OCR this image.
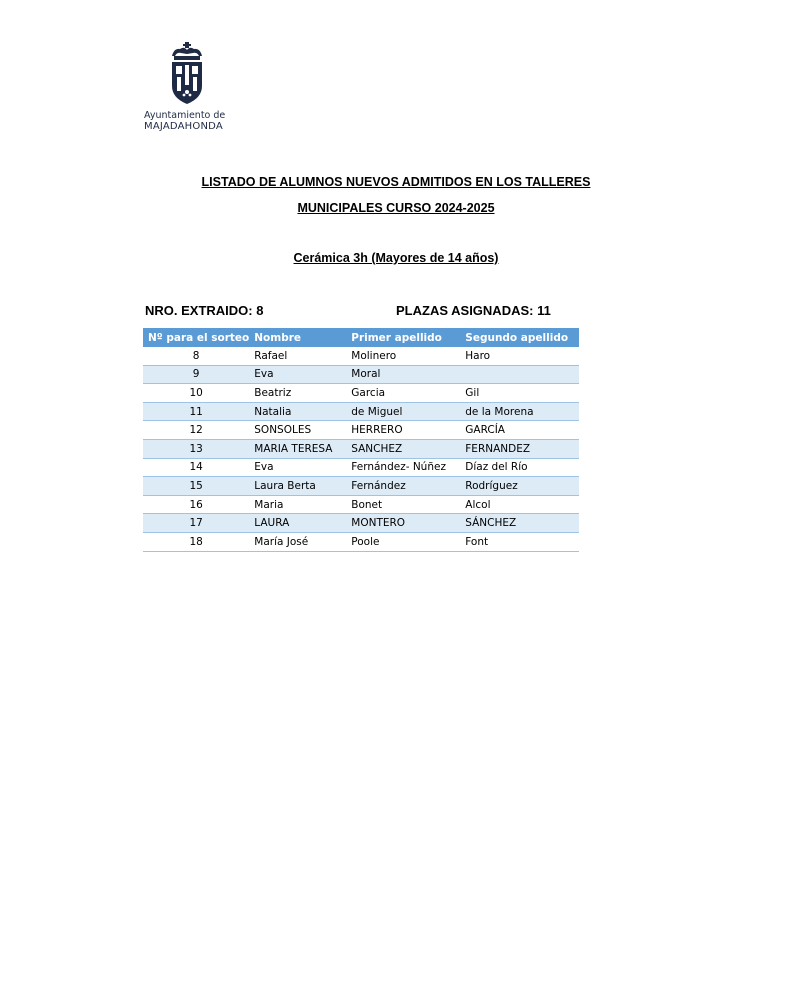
Ayuntamiento de
MAJADAHONDA
LISTADO DE ALUMNOS NUEVOS ADMITIDOS EN LOS TALLERES
MUNICIPALES CURSO 2024-2025
Cerámica 3h (Mayores de 14 años)
NRO. EXTRAIDO: 8	PLAZAS ASIGNADAS: 11
Nº para el sorteo	Nombre	Primer apellido	Segundo apellido
8	Rafael	Molinero	Haro
9	Eva	Moral	
10	Beatriz	Garcia	Gil
11	Natalia	de Miguel	de la Morena
12	SONSOLES	HERRERO	GARCÍA
13	MARIA TERESA	SANCHEZ	FERNANDEZ
14	Eva	Fernández- Núñez	Díaz del Río
15	Laura Berta	Fernández	Rodríguez
16	Maria	Bonet	Alcol
17	LAURA	MONTERO	SÁNCHEZ
18	María José	Poole	Font
